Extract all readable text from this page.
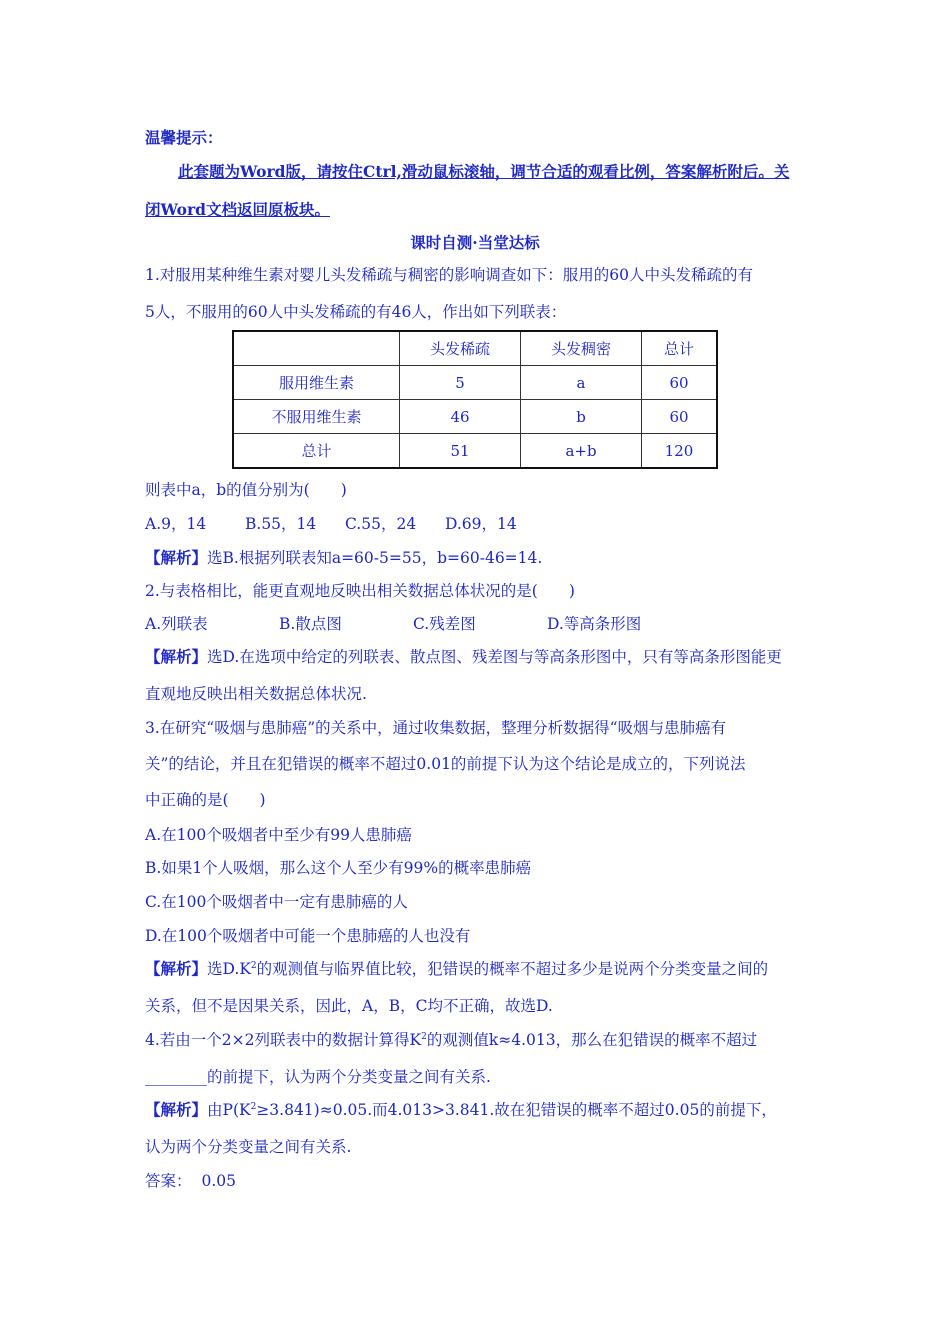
温馨提示：
此套题为Word版，请按住Ctrl,滑动鼠标滚轴，调节合适的观看比例，答案解析附后。关
闭Word文档返回原板块。
课时自测·当堂达标
1.对服用某种维生素对婴儿头发稀疏与稠密的影响调查如下：服用的60人中头发稀疏的有
5人，不服用的60人中头发稀疏的有46人，作出如下列联表：
	头发稀疏	头发稠密	总计
服用维生素	5	a	60
不服用维生素	46	b	60
总计	51	a+b	120
则表中a，b的值分别为(　　)
A.9，14	B.55，14 C.55，24 D.69，14
【解析】选B.根据列联表知a=60-5=55，b=60-46=14.
2.与表格相比，能更直观地反映出相关数据总体状况的是(　　)
A.列联表	B.散点图	C.残差图	D.等高条形图
【解析】选D.在选项中给定的列联表、散点图、残差图与等高条形图中，只有等高条形图能更
直观地反映出相关数据总体状况.
3.在研究“吸烟与患肺癌”的关系中，通过收集数据，整理分析数据得“吸烟与患肺癌有
关”的结论，并且在犯错误的概率不超过0.01的前提下认为这个结论是成立的，下列说法
中正确的是(　　)
A.在100个吸烟者中至少有99人患肺癌
B.如果1个人吸烟，那么这个人至少有99%的概率患肺癌
C.在100个吸烟者中一定有患肺癌的人
D.在100个吸烟者中可能一个患肺癌的人也没有
【解析】选$D.K^2$的观测值与临界值比较，犯错误的概率不超过多少是说两个分类变量之间的
关系，但不是因果关系，因此，A，B，C均不正确，故选D.
4.若由一个2×2列联表中的数据计算得$K^2$的观测值k≈4.013，那么在犯错误的概率不超过
________的前提下，认为两个分类变量之间有关系.
【解析】由$P(K^2\ge 3.841)\approx 0.05$.而4.013>3.841.故在犯错误的概率不超过0.05的前提下，
认为两个分类变量之间有关系.
答案： 0.05
